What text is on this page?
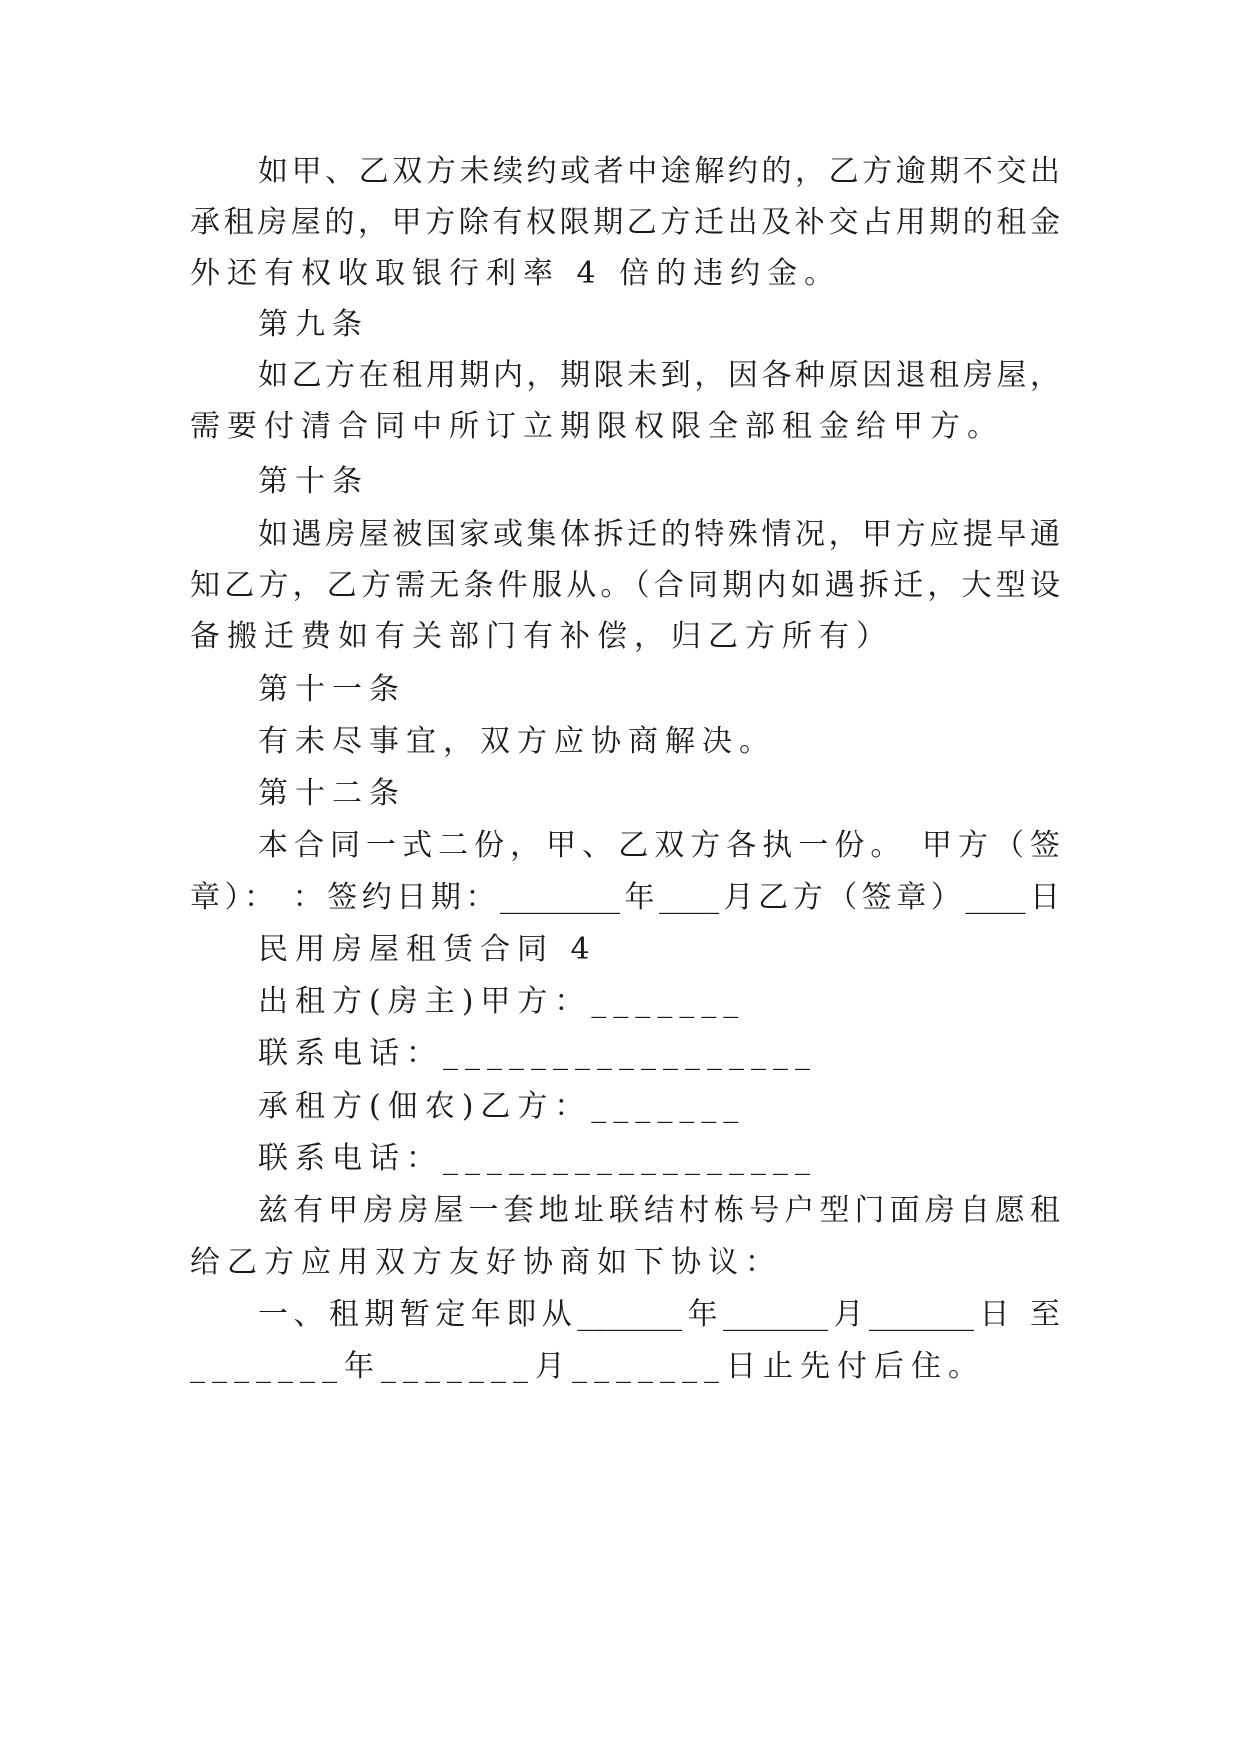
如甲、乙双方未续约或者中途解约的，乙方逾期不交出
承租房屋的，甲方除有权限期乙方迁出及补交占用期的租金
外还有权收取银行利率 4 倍的违约金。
第九条
如乙方在租用期内，期限未到，因各种原因退租房屋，
需要付清合同中所订立期限权限全部租金给甲方。
第十条
如遇房屋被国家或集体拆迁的特殊情况，甲方应提早通
知乙方，乙方需无条件服从。（合同期内如遇拆迁，大型设
备搬迁费如有关部门有补偿，归乙方所有）
第十一条
有未尽事宜，双方应协商解决。
第十二条
本合同一式二份，甲、乙双方各执一份。 甲方（签
章）： ：签约日期：________年____月乙方（签章）____日
民用房屋租赁合同 4
出租方(房主)甲方：_______
联系电话：_________________
承租方(佃农)乙方：_______
联系电话：_________________
兹有甲房房屋一套地址联结村栋号户型门面房自愿租
给乙方应用双方友好协商如下协议：
一、租期暂定年即从_______年_______月_______日 至
_______年_______月_______日止先付后住。
